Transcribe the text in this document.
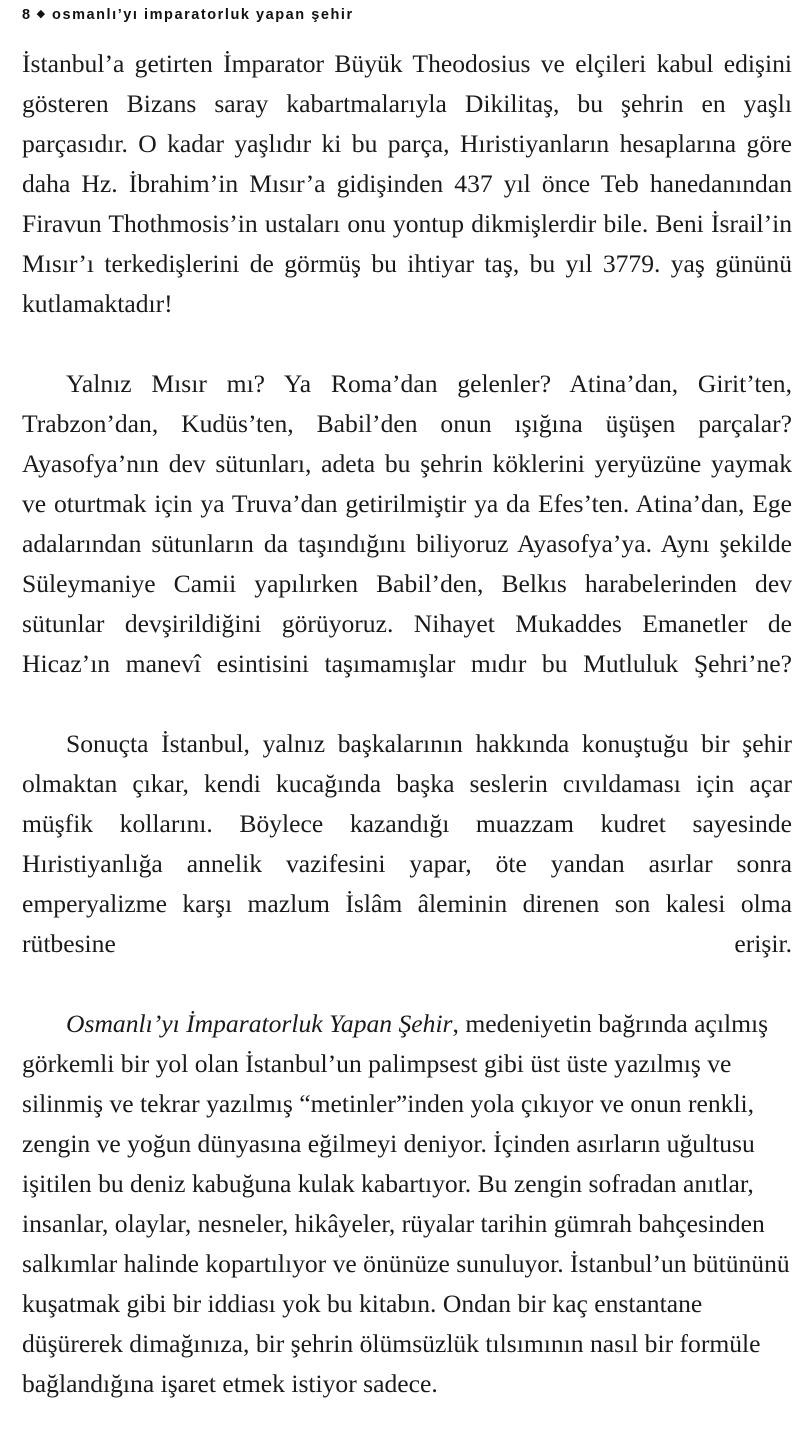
8 ◆ osmanlı’yı imparatorluk yapan şehir

İstanbul’a getirten İmparator Büyük Theodosius ve elçileri kabul edişini gösteren Bizans saray kabartmalarıyla Dikilitaş, bu şehrin en yaşlı parçasıdır. O kadar yaşlıdır ki bu parça, Hıristiyanların hesaplarına göre daha Hz. İbrahim’in Mısır’a gidişinden 437 yıl önce Teb hanedanından Firavun Thothmosis’in ustaları onu yontup dikmişlerdir bile. Beni İsrail’in Mısır’ı terkedişlerini de görmüş bu ihtiyar taş, bu yıl 3779. yaş gününü kutlamaktadır!

Yalnız Mısır mı? Ya Roma’dan gelenler? Atina’dan, Girit’ten, Trabzon’dan, Kudüs’ten, Babil’den onun ışığına üşüşen parçalar? Ayasofya’nın dev sütunları, adeta bu şehrin köklerini yeryüzüne yaymak ve oturtmak için ya Truva’dan getirilmiştir ya da Efes’ten. Atina’dan, Ege adalarından sütunların da taşındığını biliyoruz Ayasofya’ya. Aynı şekilde Süleymaniye Camii yapılırken Babil’den, Belkıs harabelerinden dev sütunlar devşirildiğini görüyoruz. Nihayet Mukaddes Emanetler de Hicaz’ın manevî esintisini taşımamışlar mıdır bu Mutluluk Şehri’ne?

Sonuçta İstanbul, yalnız başkalarının hakkında konuştuğu bir şehir olmaktan çıkar, kendi kucağında başka seslerin cıvıldaması için açar müşfik kollarını. Böylece kazandığı muazzam kudret sayesinde Hıristiyanlığa annelik vazifesini yapar, öte yandan asırlar sonra emperyalizme karşı mazlum İslâm âleminin direnen son kalesi olma rütbesine erişir.

Osmanlı’yı İmparatorluk Yapan Şehir, medeniyetin bağrında açılmış görkemli bir yol olan İstanbul’un palimpsest gibi üst üste yazılmış ve silinmiş ve tekrar yazılmış “metinler”inden yola çıkıyor ve onun renkli, zengin ve yoğun dünyasına eğilmeyi deniyor. İçinden asırların uğultusu işitilen bu deniz kabuğuna kulak kabartıyor. Bu zengin sofradan anıtlar, insanlar, olaylar, nesneler, hikâyeler, rüyalar tarihin gümrah bahçesinden salkımlar halinde kopartılıyor ve önünüze sunuluyor. İstanbul’un bütününü kuşatmak gibi bir iddiası yok bu kitabın. Ondan bir kaç enstantane düşürerek dimağınıza, bir şehrin ölümsüzlük tılsımının nasıl bir formüle bağlandığına işaret etmek istiyor sadece.
